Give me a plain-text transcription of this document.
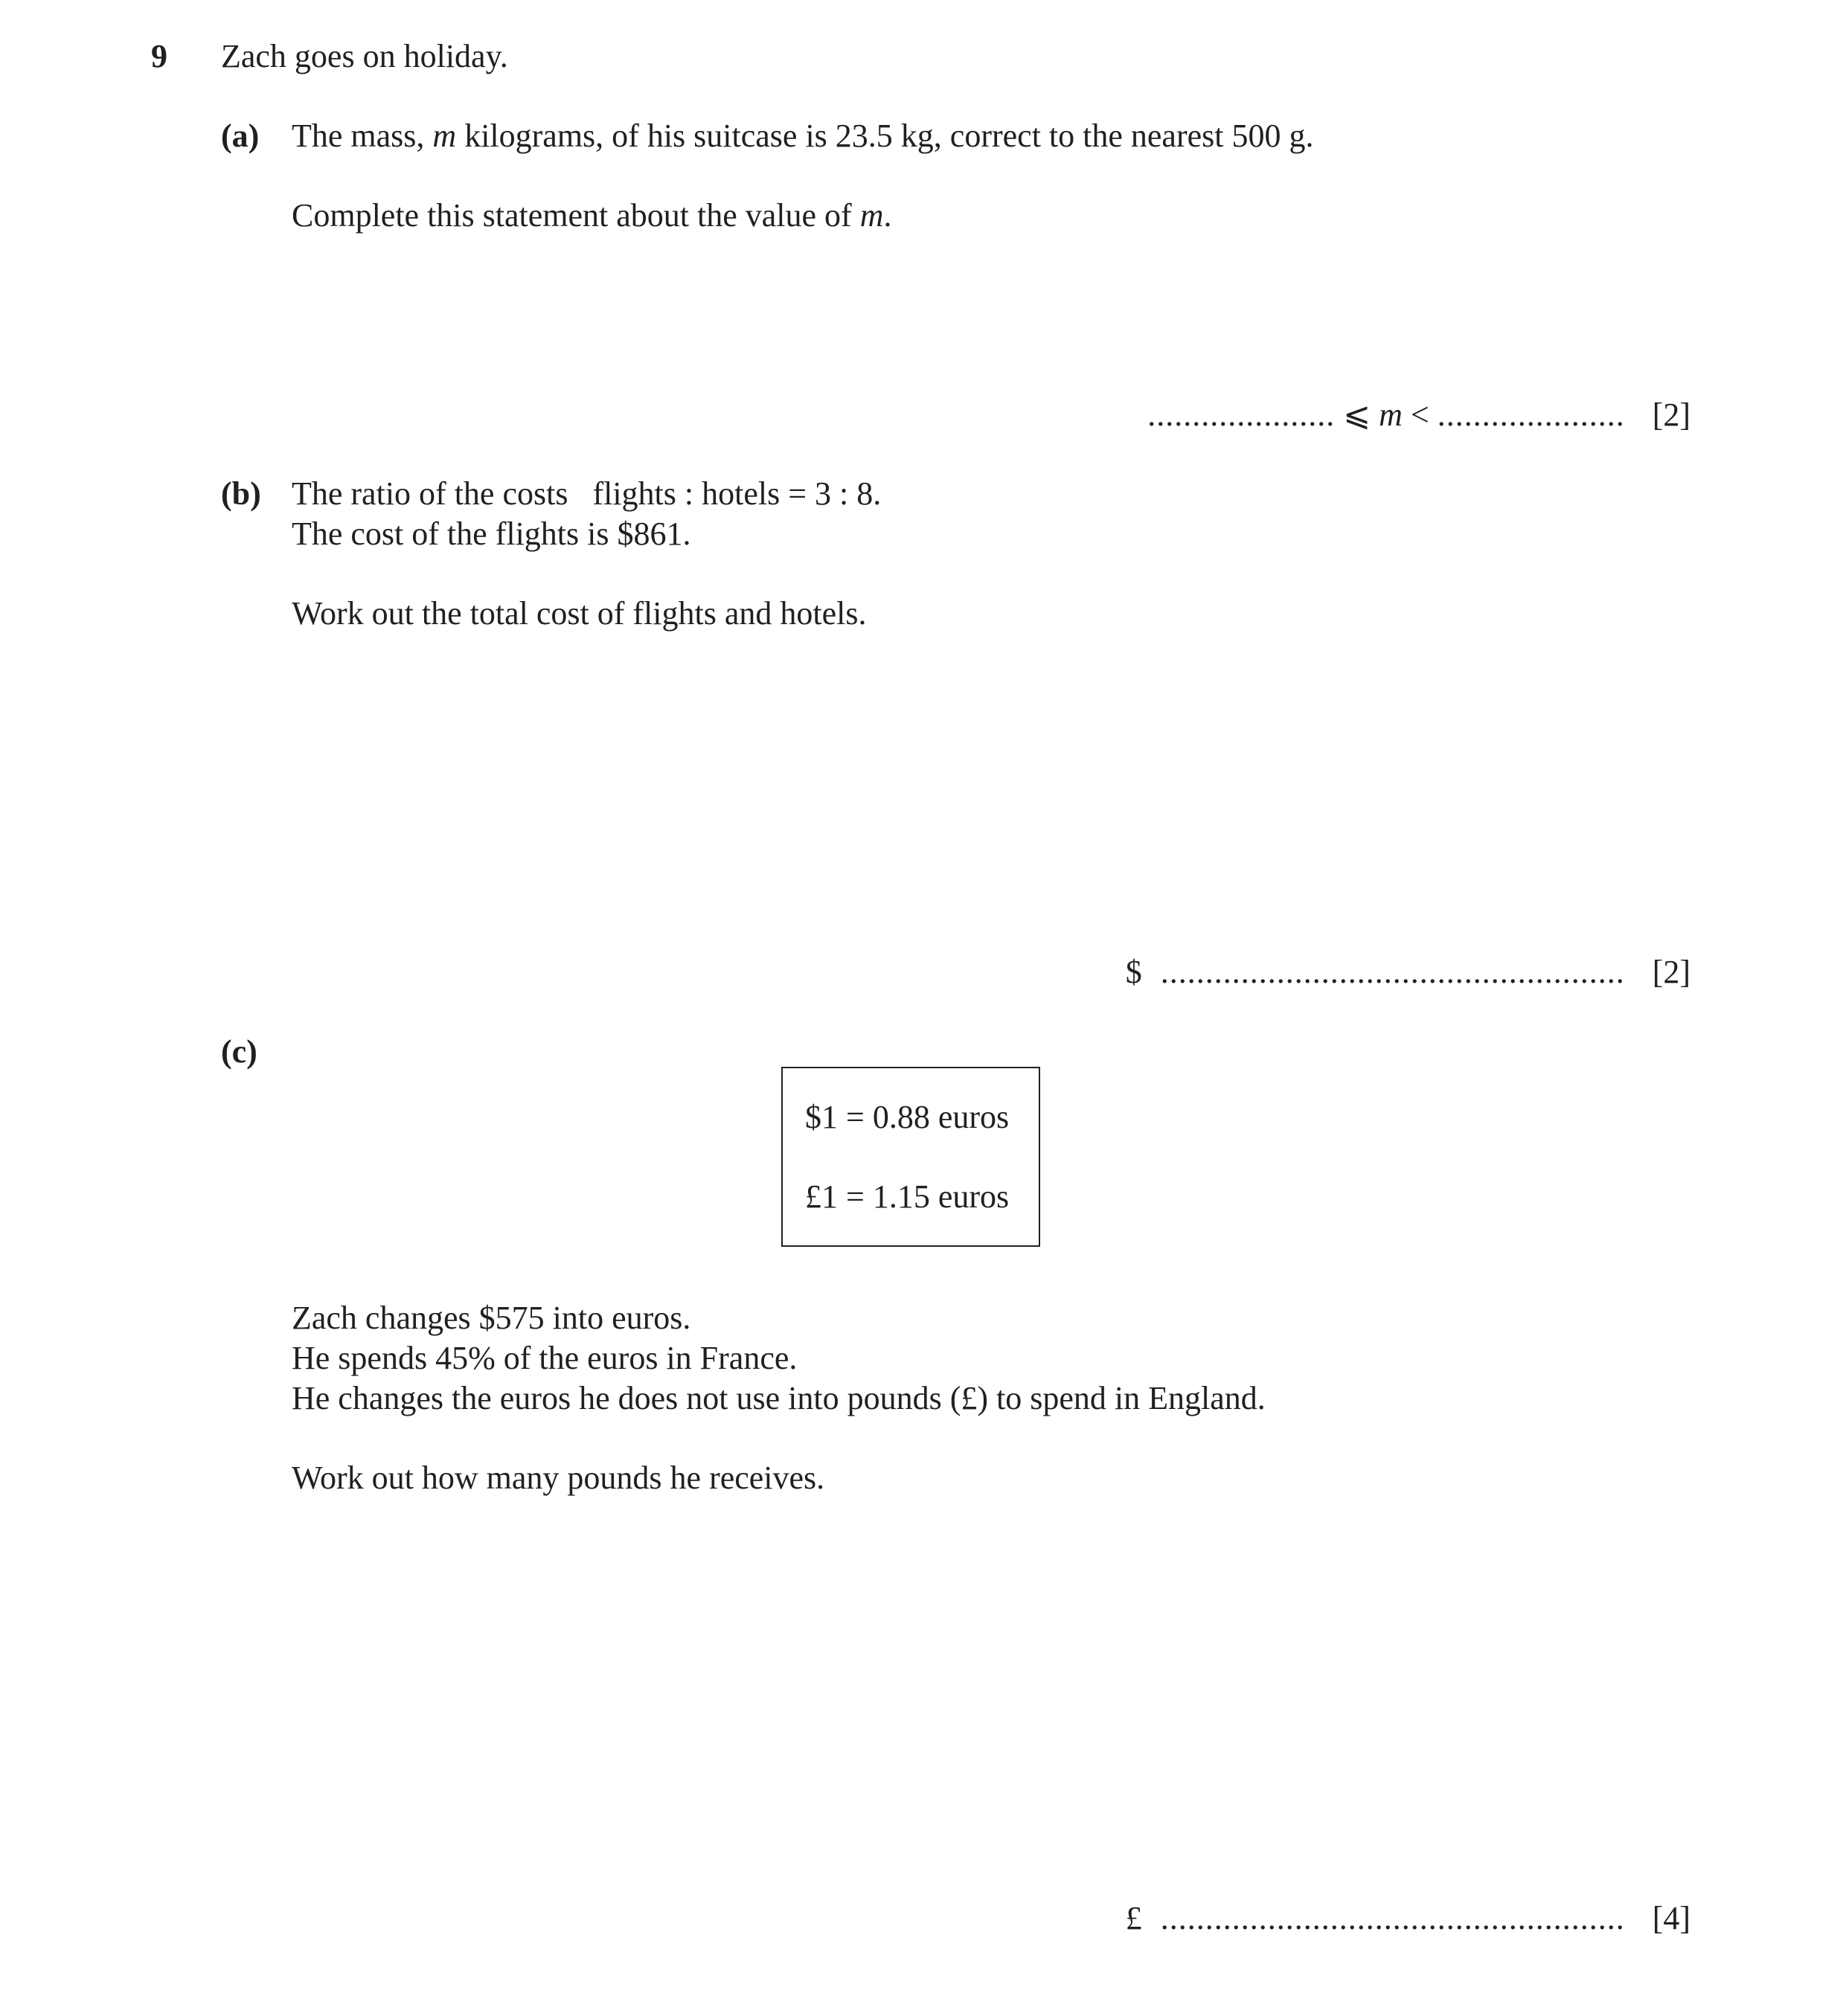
9 Zach goes on holiday.
(a) The mass, m kilograms, of his suitcase is 23.5 kg, correct to the nearest 500 g.
Complete this statement about the value of m.
..................... ⩽ m < ..................... [2]
(b) The ratio of the costs   flights : hotels = 3 : 8.
The cost of the flights is $861.
Work out the total cost of flights and hotels.
$ .................................................... [2]
(c)
$1 = 0.88 euros
£1 = 1.15 euros
Zach changes $575 into euros.
He spends 45% of the euros in France.
He changes the euros he does not use into pounds (£) to spend in England.
Work out how many pounds he receives.
£ .................................................... [4]
